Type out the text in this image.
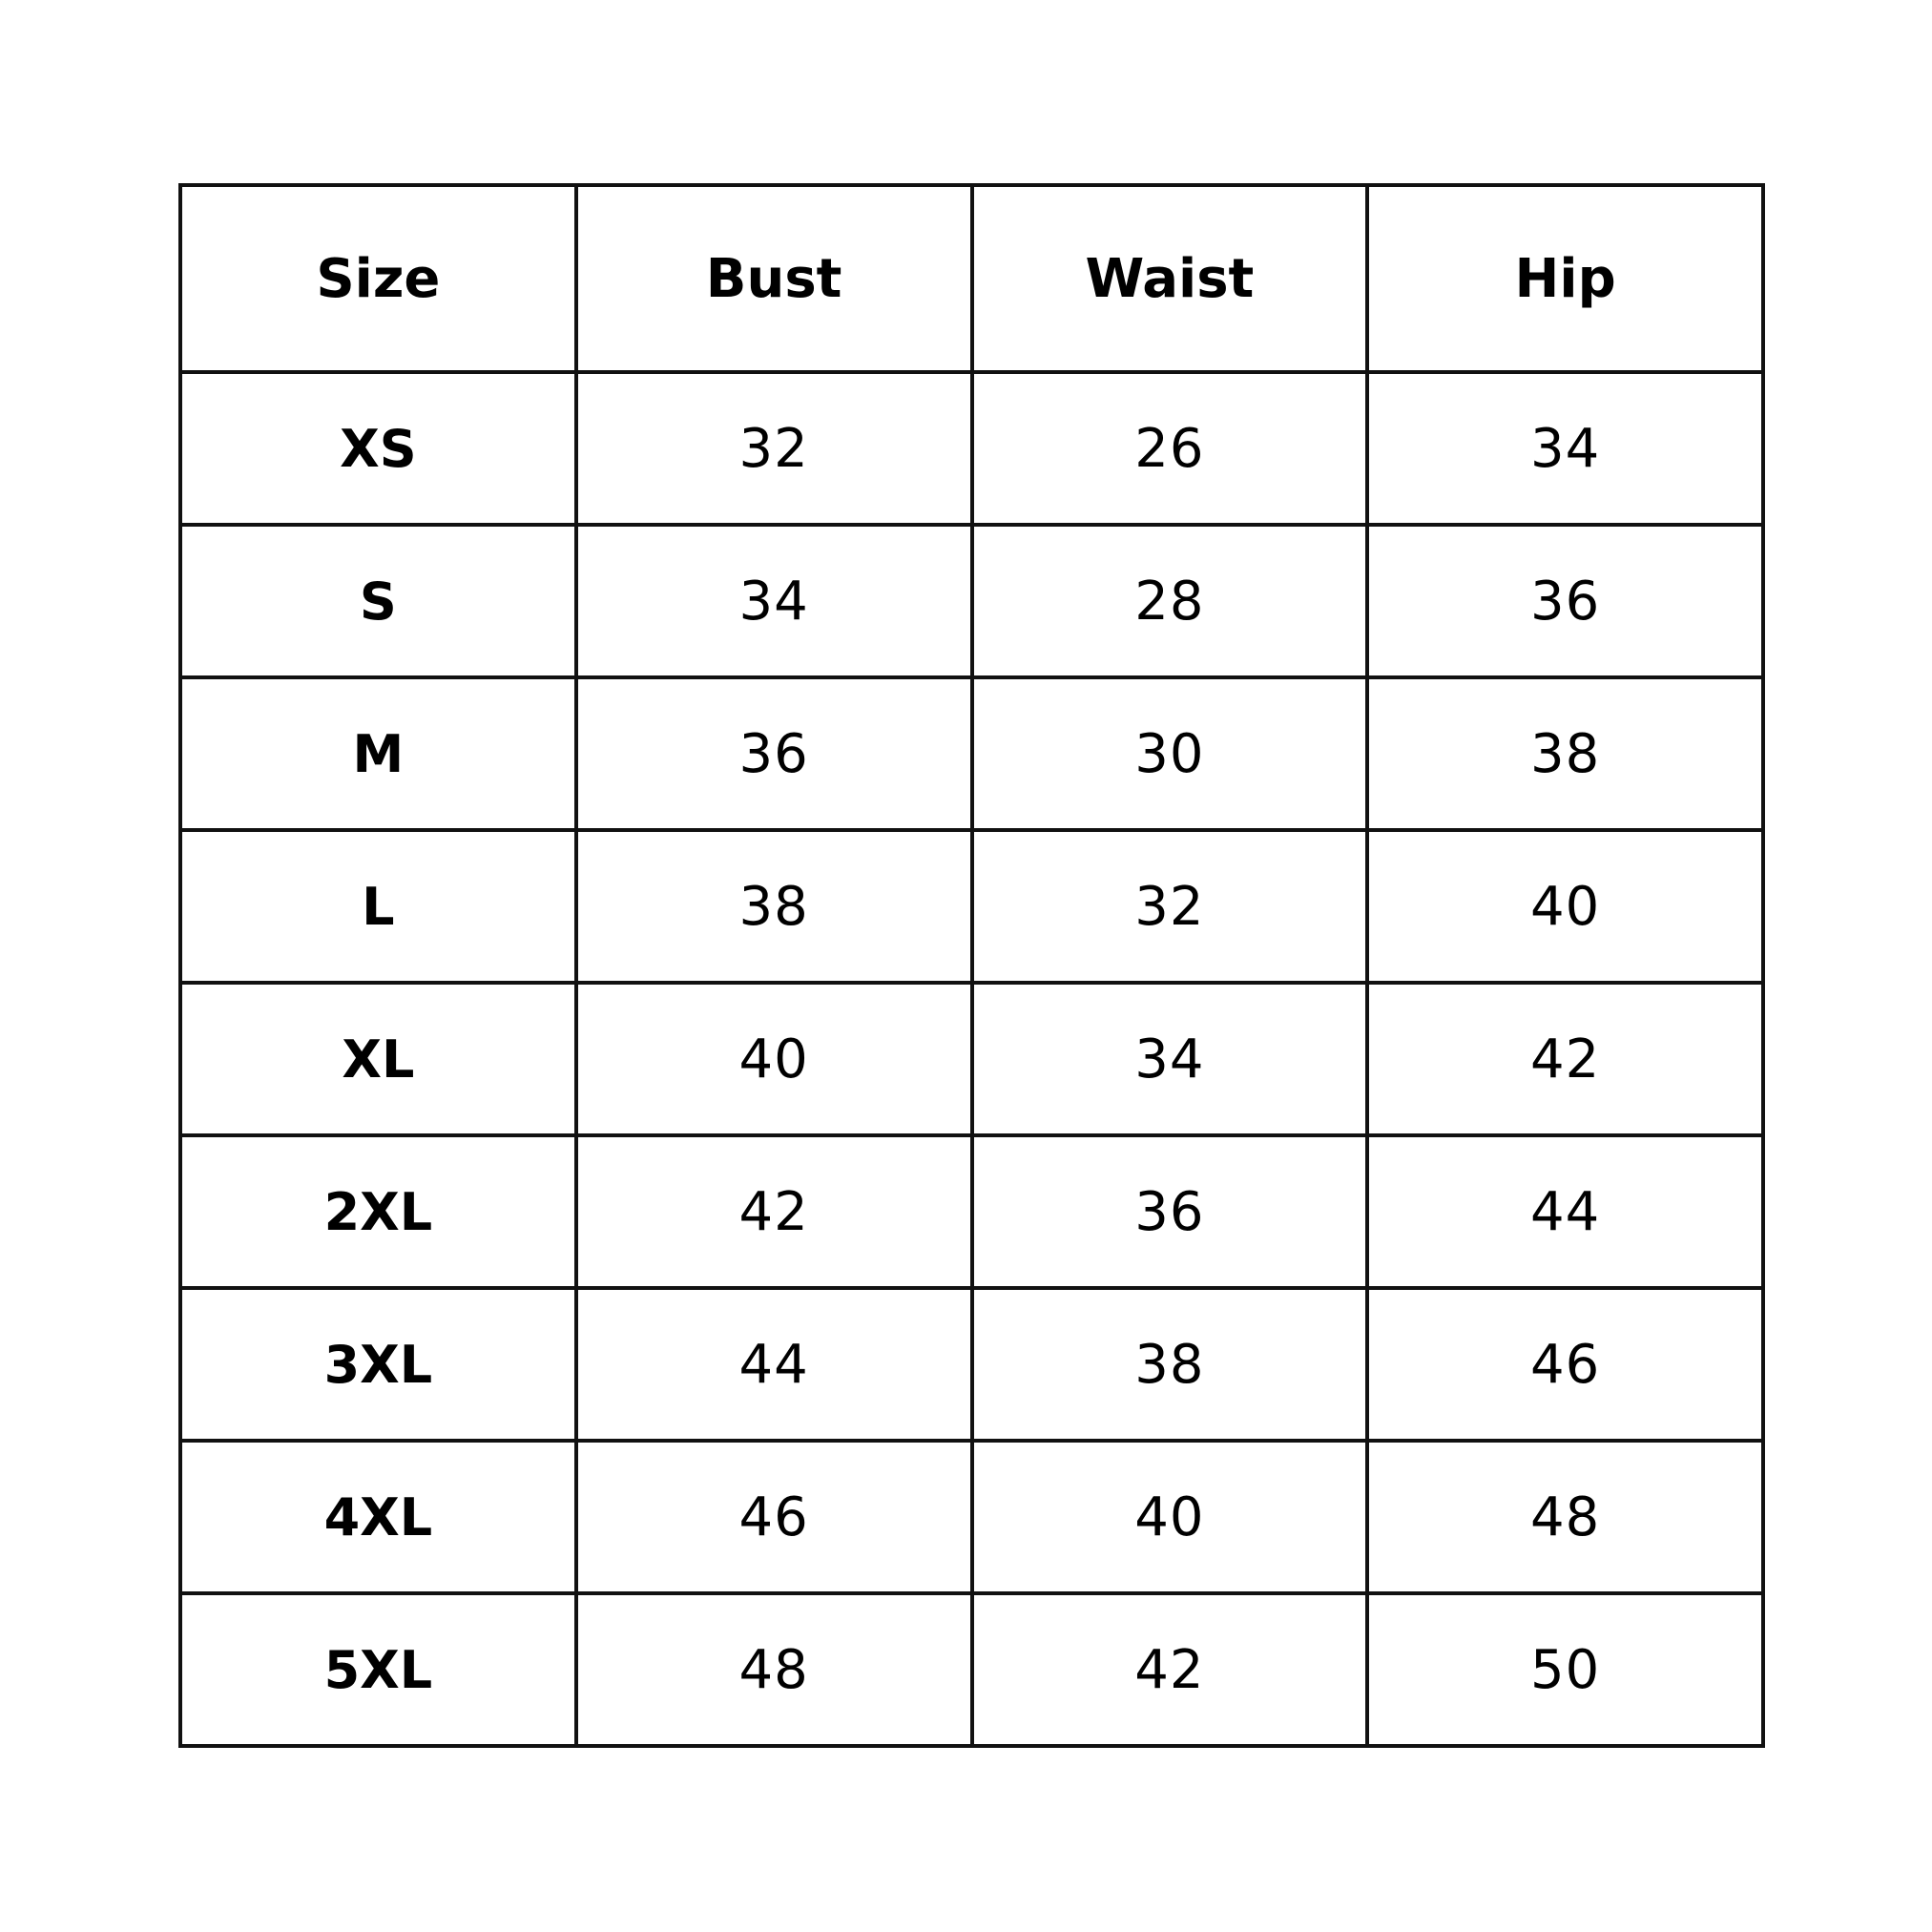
Size	Bust	Waist	Hip
XS	32	26	34
S	34	28	36
M	36	30	38
L	38	32	40
XL	40	34	42
2XL	42	36	44
3XL	44	38	46
4XL	46	40	48
5XL	48	42	50
